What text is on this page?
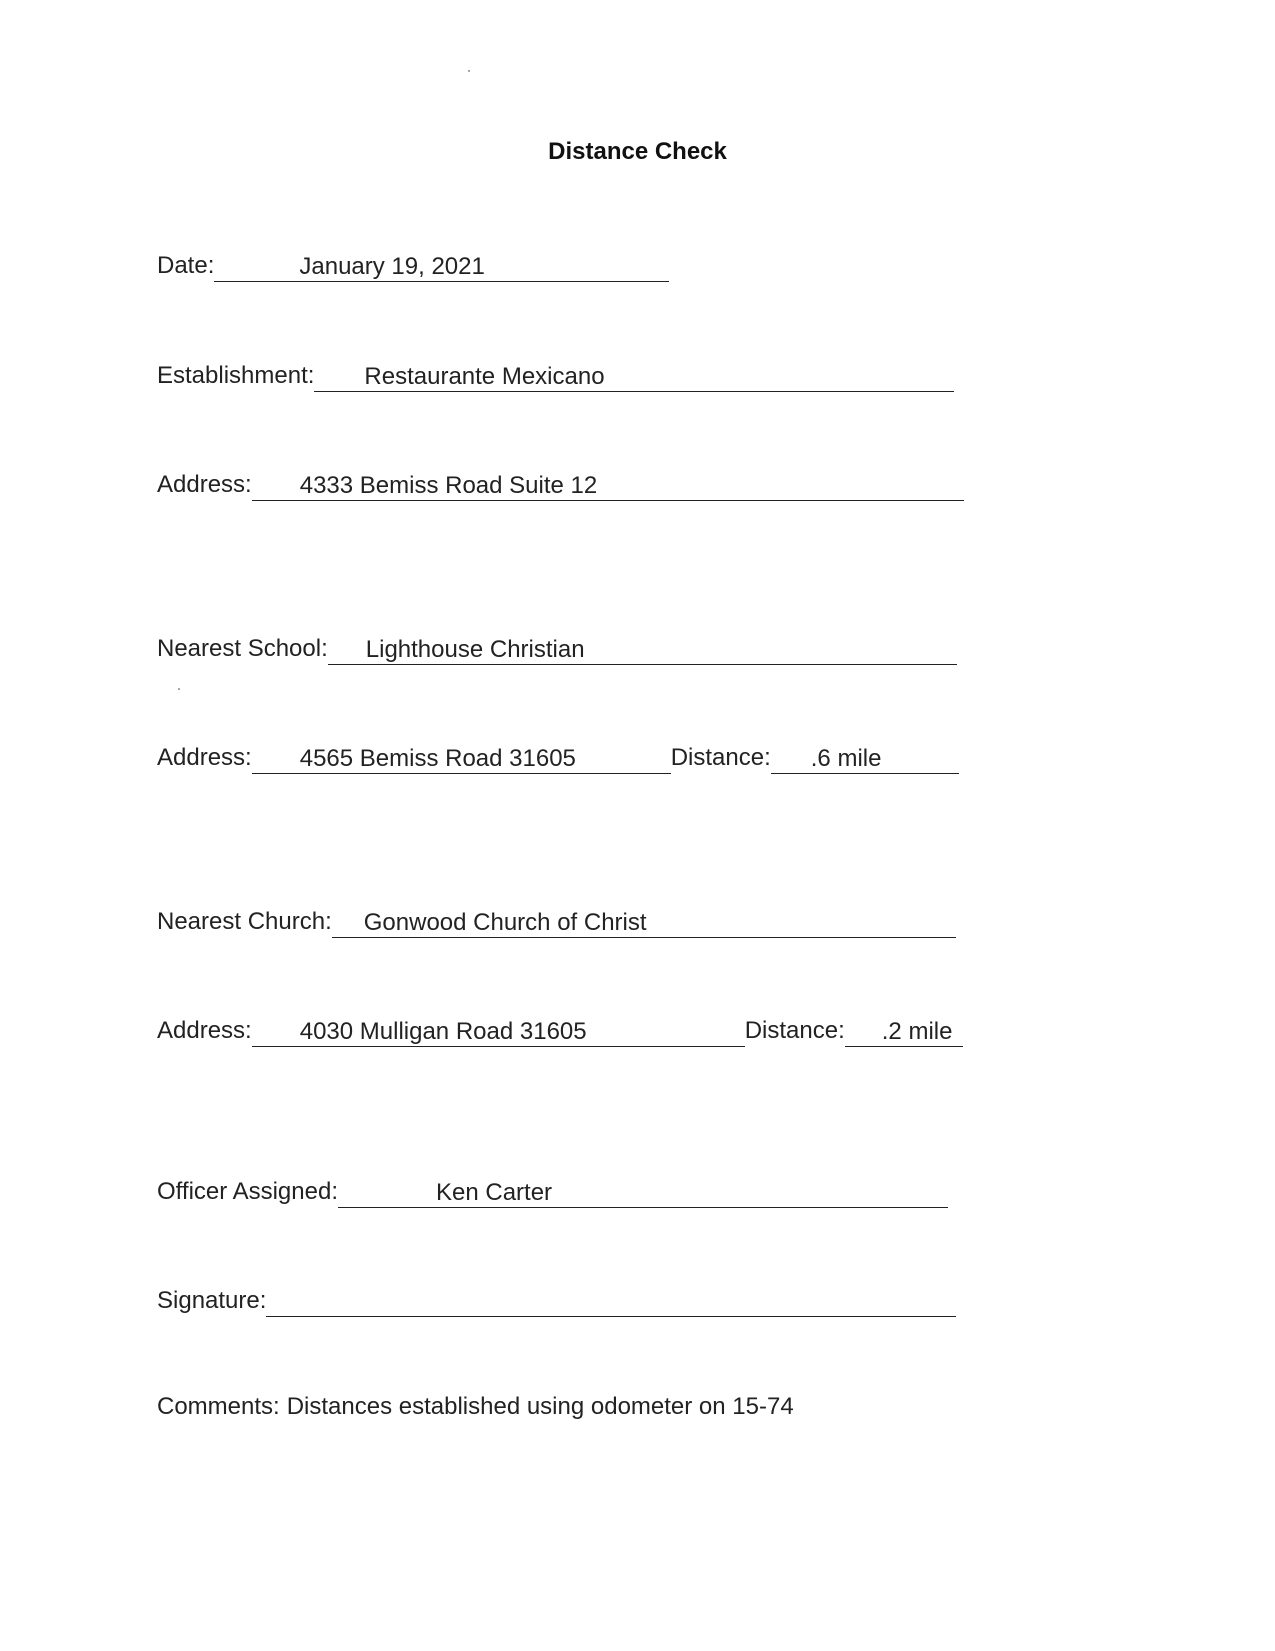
Distance Check
Date:	January 19, 2021
Establishment: Restaurante Mexicano
Address: 4333 Bemiss Road Suite 12
Nearest School: Lighthouse Christian
Address: 4565 Bemiss Road 31605	Distance: .6 mile
Nearest Church: Gonwood Church of Christ
Address: 4030 Mulligan Road 31605	Distance: .2 mile
Officer Assigned:	Ken Carter
Signature:
Comments: Distances established using odometer on 15-74
